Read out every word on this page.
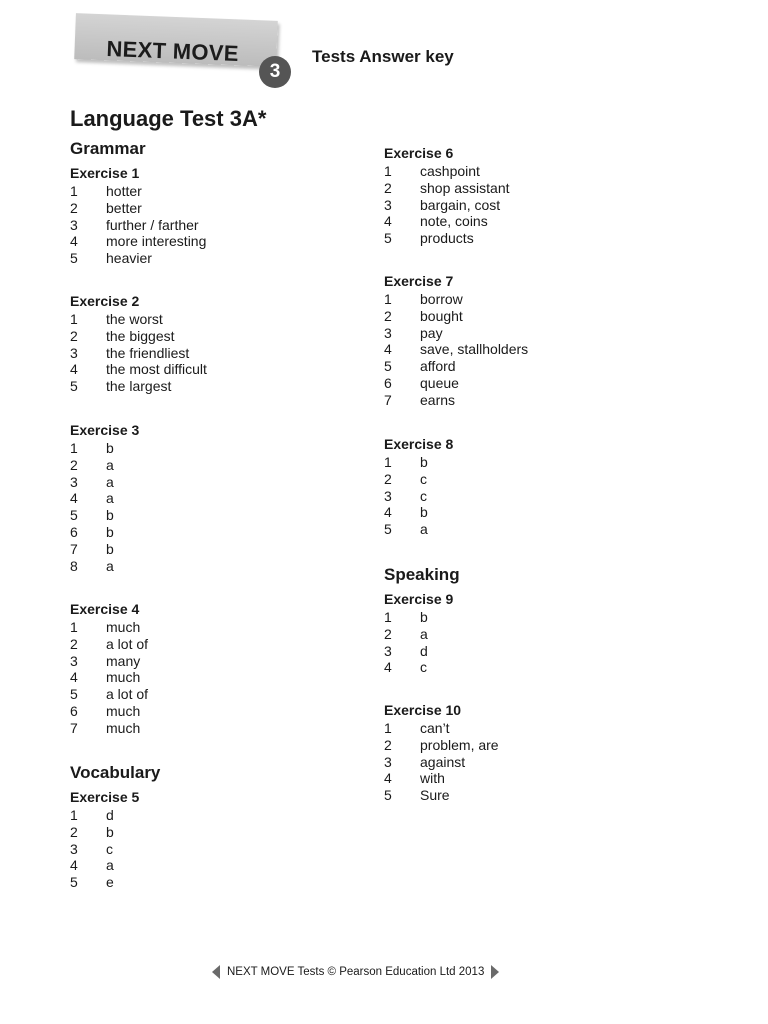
NEXT MOVE
3
Tests Answer key
Language Test 3A*
Grammar
Vocabulary
Speaking
Exercise 1
1	hotter
2	better
3	further / farther
4	more interesting
5	heavier
Exercise 2
1	the worst
2	the biggest
3	the friendliest
4	the most difficult
5	the largest
Exercise 3
1	b
2	a
3	a
4	a
5	b
6	b
7	b
8	a
Exercise 4
1	much
2	a lot of
3	many
4	much
5	a lot of
6	much
7	much
Exercise 5
1	d
2	b
3	c
4	a
5	e
Exercise 6
1	cashpoint
2	shop assistant
3	bargain, cost
4	note, coins
5	products
Exercise 7
1	borrow
2	bought
3	pay
4	save, stallholders
5	afford
6	queue
7	earns
Exercise 8
1	b
2	c
3	c
4	b
5	a
Exercise 9
1	b
2	a
3	d
4	c
Exercise 10
1	can’t
2	problem, are
3	against
4	with
5	Sure
NEXT MOVE Tests © Pearson Education Ltd 2013
